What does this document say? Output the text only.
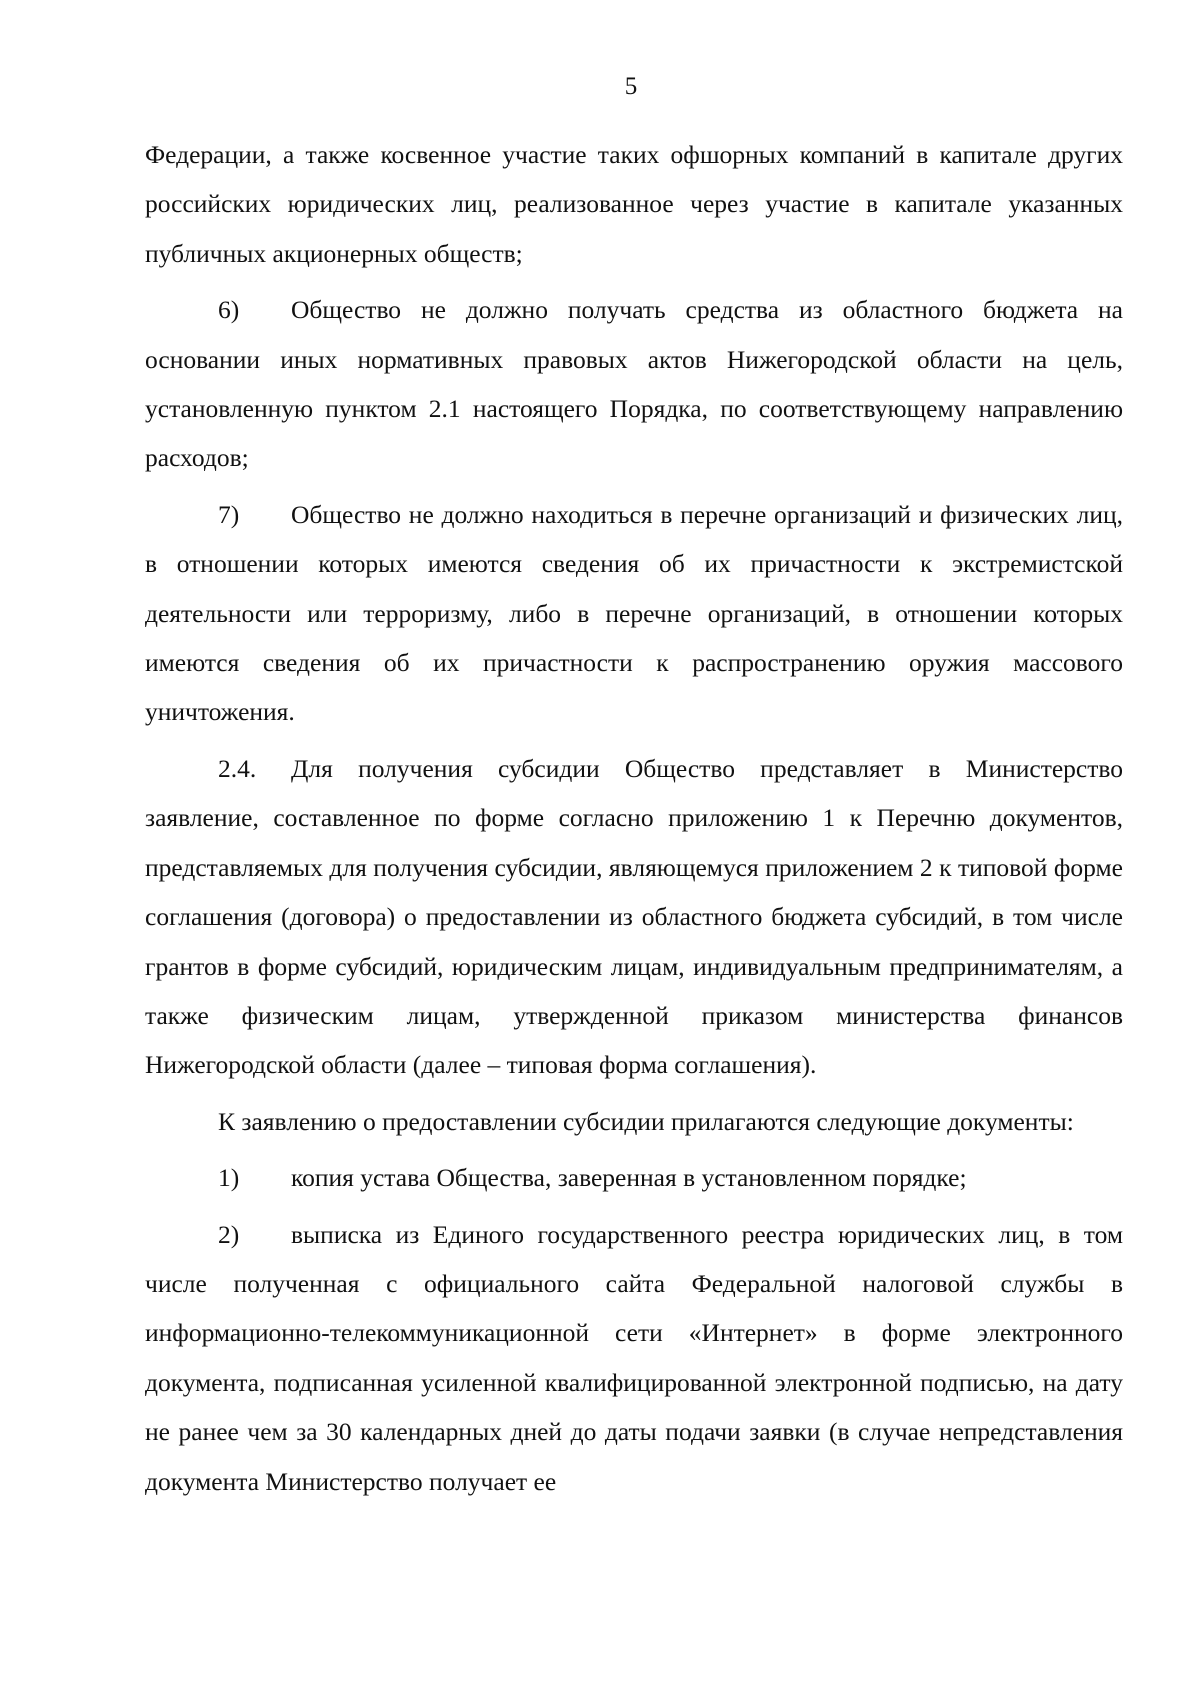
5

Федерации, а также косвенное участие таких офшорных компаний в капитале других российских юридических лиц, реализованное через участие в капитале указанных публичных акционерных обществ;

6) Общество не должно получать средства из областного бюджета на основании иных нормативных правовых актов Нижегородской области на цель, установленную пунктом 2.1 настоящего Порядка, по соответствующему направлению расходов;

7) Общество не должно находиться в перечне организаций и физических лиц, в отношении которых имеются сведения об их причастности к экстремистской деятельности или терроризму, либо в перечне организаций, в отношении которых имеются сведения об их причастности к распространению оружия массового уничтожения.

2.4. Для получения субсидии Общество представляет в Министерство заявление, составленное по форме согласно приложению 1 к Перечню документов, представляемых для получения субсидии, являющемуся приложением 2 к типовой форме соглашения (договора) о предоставлении из областного бюджета субсидий, в том числе грантов в форме субсидий, юридическим лицам, индивидуальным предпринимателям, а также физическим лицам, утвержденной приказом министерства финансов Нижегородской области (далее – типовая форма соглашения).

К заявлению о предоставлении субсидии прилагаются следующие документы:

1) копия устава Общества, заверенная в установленном порядке;

2) выписка из Единого государственного реестра юридических лиц, в том числе полученная с официального сайта Федеральной налоговой службы в информационно-телекоммуникационной сети «Интернет» в форме электронного документа, подписанная усиленной квалифицированной электронной подписью, на дату не ранее чем за 30 календарных дней до даты подачи заявки (в случае непредставления документа Министерство получает ее
